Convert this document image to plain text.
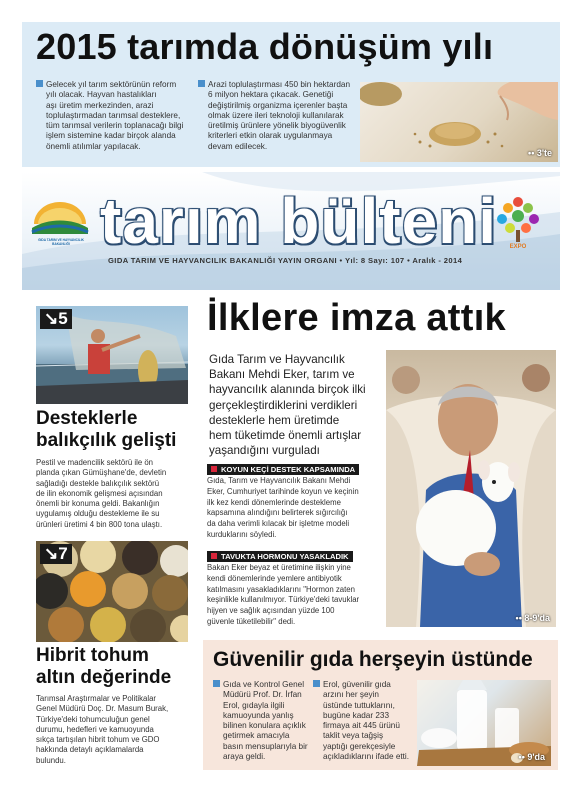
2015 tarımda dönüşüm yılı
Gelecek yıl tarım sektörünün reform
yılı olacak. Hayvan hastalıkları
aşı üretim merkezinden, arazi
toplulaştırmadan tarımsal desteklere,
tüm tarımsal verilerin toplanacağı bilgi
işlem sistemine kadar birçok alanda
önemli atılımlar yapılacak.
Arazi toplulaştırması 450 bin hektardan
6 milyon hektara çıkacak. Genetiği
değiştirilmiş organizma içerenler başta
olmak üzere ileri teknoloji kullanılarak
üretilmiş ürünlere yönelik biyogüvenlik
kriterleri etkin olarak uygulanmaya
devam edilecek.
•• 3'te
GIDA TARIM VE HAYVANCILIK BAKANLIĞI tarım bülteni
GIDA TARIM VE HAYVANCILIK BAKANLIĞI YAYIN ORGANI • Yıl: 8 Sayı: 107 • Aralık - 2014
EXPO
↘5
Desteklerle
balıkçılık gelişti
Pestil ve madencilik sektörü ile ön
planda çıkan Gümüşhane'de, devletin
sağladığı destekle balıkçılık sektörü
de ilin ekonomik gelişmesi açısından
önemli bir konuma geldi. Bakanlığın
uygulamış olduğu destekleme ile su
ürünleri üretimi 4 bin 800 tona ulaştı.
↘7
Hibrit tohum
altın değerinde
Tarımsal Araştırmalar ve Politikalar
Genel Müdürü Doç. Dr. Masum Burak,
Türkiye'deki tohumculuğun genel
durumu, hedefleri ve kamuoyunda
sıkça tartışılan hibrit tohum ve GDO
hakkında detaylı açıklamalarda
bulundu.
İlklere imza attık
Gıda Tarım ve Hayvancılık
Bakanı Mehdi Eker, tarım ve
hayvancılık alanında birçok ilki
gerçekleştirdiklerini verdikleri
desteklerle hem üretimde
hem tüketimde önemli artışlar
yaşandığını vurguladı
KOYUN KEÇİ DESTEK KAPSAMINDA
Gıda, Tarım ve Hayvancılık Bakanı Mehdi
Eker, Cumhuriyet tarihinde koyun ve keçinin
ilk kez kendi dönemlerinde destekleme
kapsamına alındığını belirterek sığırcılığı
da daha verimli kılacak bir işletme modeli
kurduklarını söyledi.
TAVUKTA HORMONU YASAKLADIK
Bakan Eker beyaz et üretimine ilişkin yine
kendi dönemlerinde yemlere antibiyotik
katılmasını yasakladıklarını "Hormon zaten
keşinlikle kullanılmıyor. Türkiye'deki tavuklar
hijyen ve sağlık açısından yüzde 100
güvenle tüketilebilir" dedi.	•• 8-9'da
Güvenilir gıda herşeyin üstünde
Gıda ve Kontrol Genel
Müdürü Prof. Dr. İrfan
Erol, gıdayla ilgili
kamuoyunda yanlış
bilinen konulara açıklık
getirmek amacıyla
basın mensuplarıyla bir
araya geldi.
Erol, güvenilir gıda
arzını her şeyin
üstünde tuttuklarını,
bugüne kadar 233
firmaya ait 445 ürünü
taklit veya tağşiş
yaptığı gerekçesiyle
açıkladıklarını ifade etti.	•• 9'da
